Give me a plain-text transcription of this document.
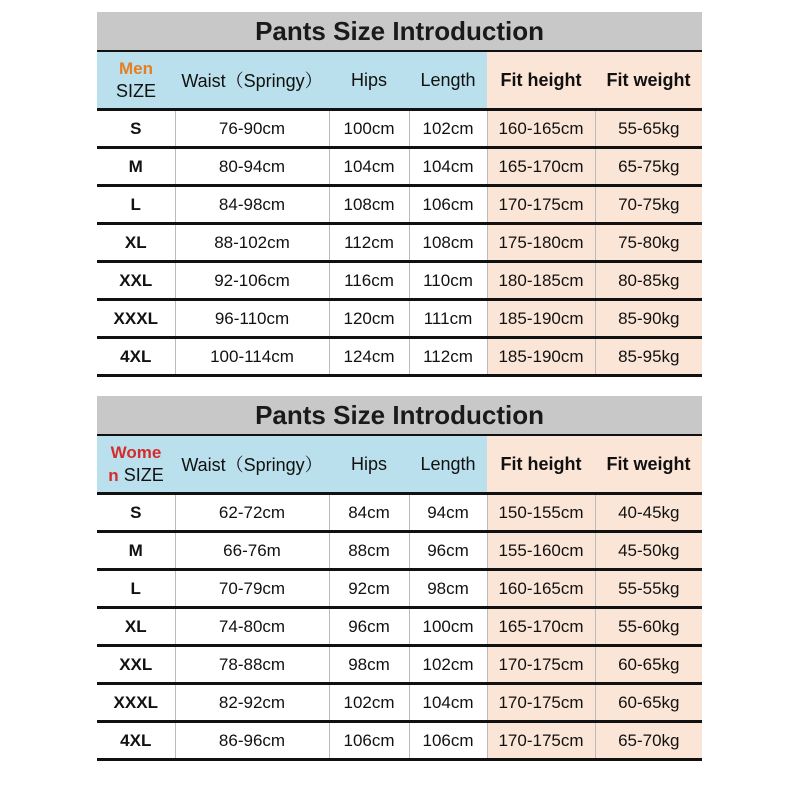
Pants Size Introduction					

Men
SIZE	Waist（Springy）	Hips	Length	Fit height	Fit weight
S	76-90cm	100cm	102cm	160-165cm	55-65kg
M	80-94cm	104cm	104cm	165-170cm	65-75kg
L	84-98cm	108cm	106cm	170-175cm	70-75kg
XL	88-102cm	112cm	108cm	175-180cm	75-80kg
XXL	92-106cm	116cm	110cm	180-185cm	80-85kg
XXXL	96-110cm	120cm	111cm	185-190cm	85-90kg
4XL	100-114cm	124cm	112cm	185-190cm	85-95kg
Pants Size Introduction					

Wome
n SIZE	Waist（Springy）	Hips	Length	Fit height	Fit weight
S	62-72cm	84cm	94cm	150-155cm	40-45kg
M	66-76m	88cm	96cm	155-160cm	45-50kg
L	70-79cm	92cm	98cm	160-165cm	55-55kg
XL	74-80cm	96cm	100cm	165-170cm	55-60kg
XXL	78-88cm	98cm	102cm	170-175cm	60-65kg
XXXL	82-92cm	102cm	104cm	170-175cm	60-65kg
4XL	86-96cm	106cm	106cm	170-175cm	65-70kg
